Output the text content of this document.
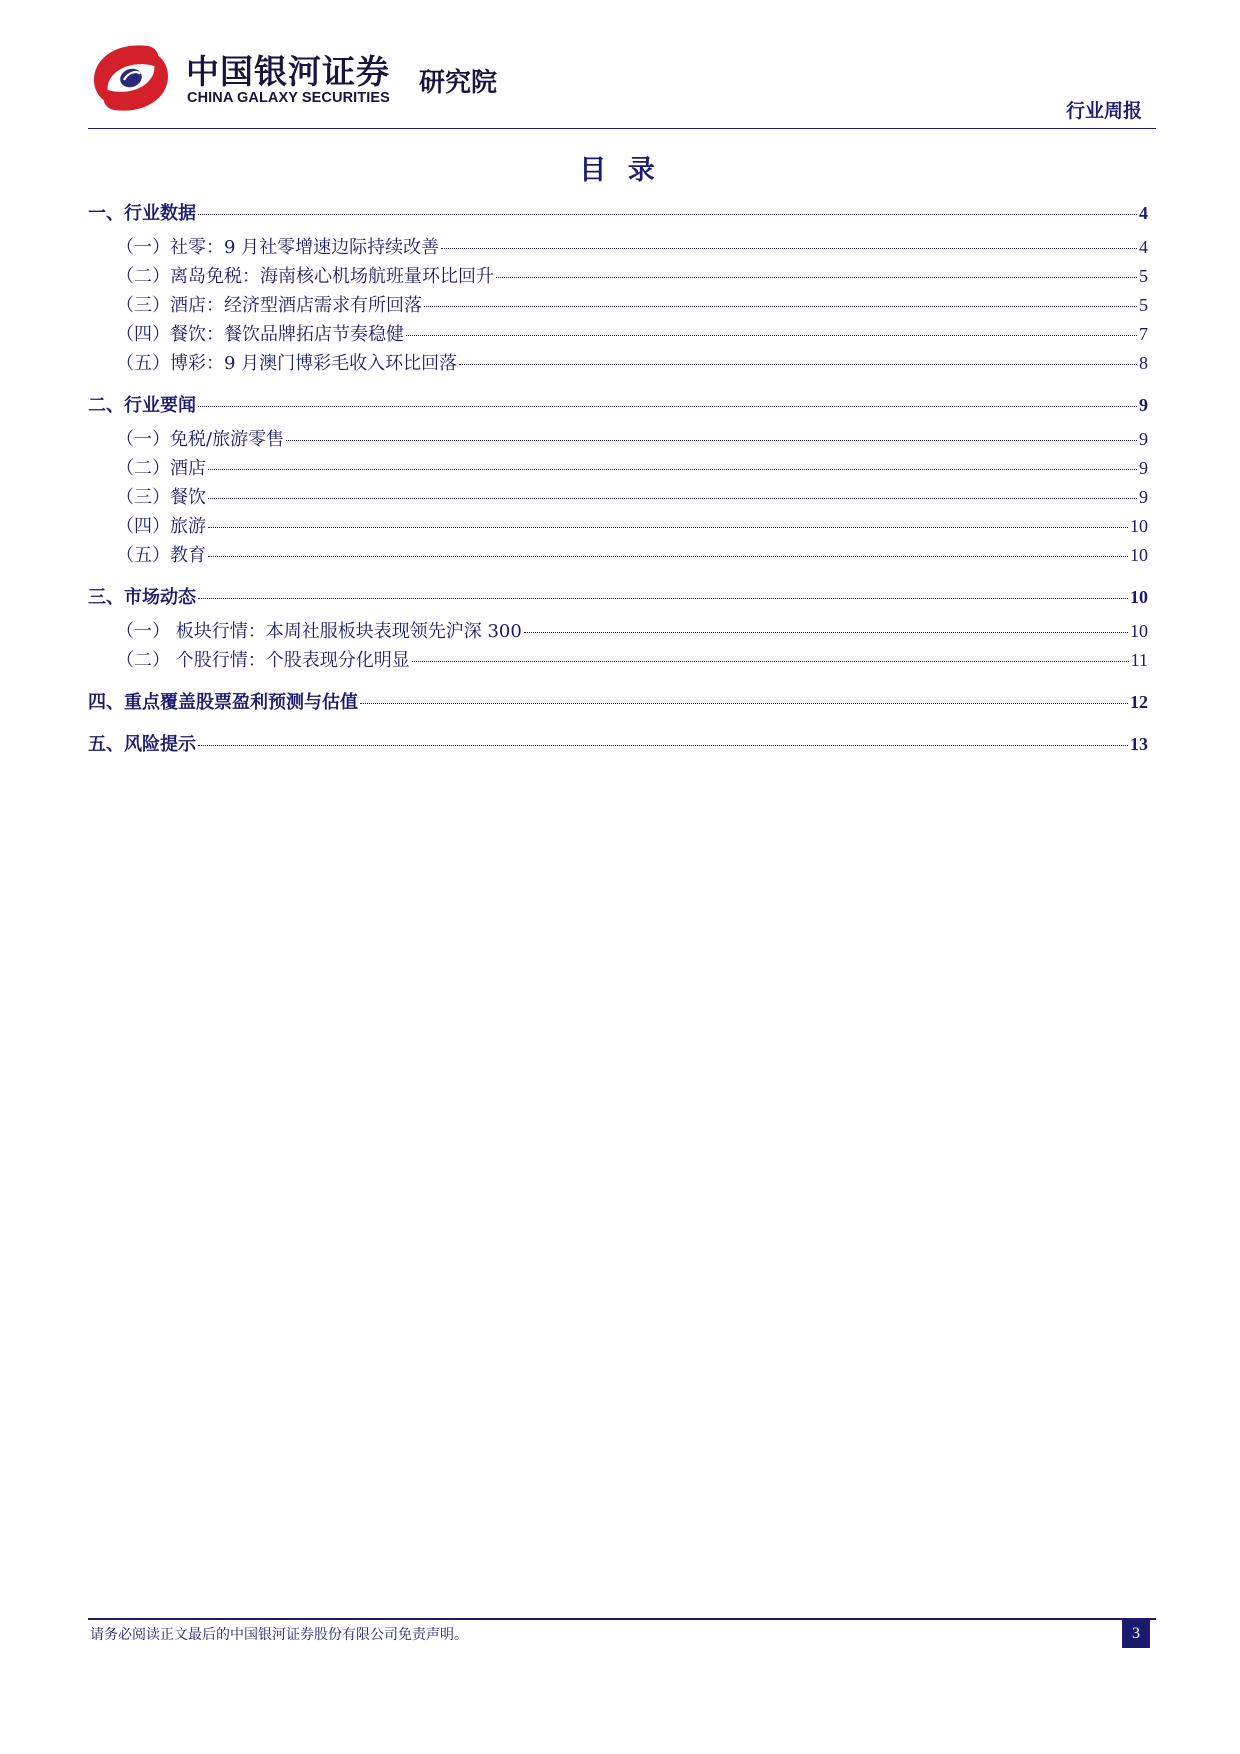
中国银河证券
CHINA GALAXY SECURITIES 研究院
行业周报
目 录
一、行业数据	4
（一）社零：9 月社零增速边际持续改善	4
（二）离岛免税：海南核心机场航班量环比回升	5
（三）酒店：经济型酒店需求有所回落	5
（四）餐饮：餐饮品牌拓店节奏稳健	7
（五）博彩：9 月澳门博彩毛收入环比回落	8
二、行业要闻	9
（一）免税/旅游零售	9
（二）酒店	9
（三）餐饮	9
（四）旅游	10
（五）教育	10
三、市场动态	10
（一） 板块行情：本周社服板块表现领先沪深 300	10
（二） 个股行情：个股表现分化明显	11
四、重点覆盖股票盈利预测与估值	12
五、风险提示	13
请务必阅读正文最后的中国银河证券股份有限公司免责声明。	3
